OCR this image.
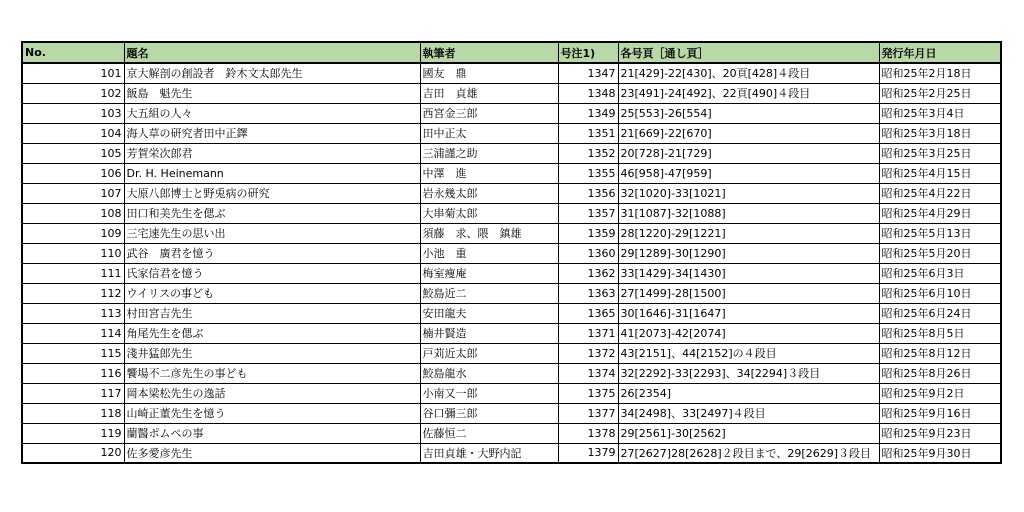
No.	題名	執筆者	号注1)	各号頁［通し頁］	発行年月日
101	京大解剖の創設者　鈴木文太郎先生	國友　鼎	1347	21[429]-22[430]、20頁[428]４段目	昭和25年2月18日
102	飯島　魁先生	吉田　貞雄	1348	23[491]-24[492]、22頁[490]４段目	昭和25年2月25日
103	大五組の人々	西宮金三郎	1349	25[553]-26[554]	昭和25年3月4日
104	海人草の研究者田中正鐸	田中正太	1351	21[669]-22[670]	昭和25年3月18日
105	芳賀栄次郎君	三浦謹之助	1352	20[728]-21[729]	昭和25年3月25日
106	Dr. H. Heinemann	中澤　進	1355	46[958]-47[959]	昭和25年4月15日
107	大原八郎博士と野兎病の研究	岩永幾太郎	1356	32[1020]-33[1021]	昭和25年4月22日
108	田口和美先生を偲ぶ	大串菊太郎	1357	31[1087]-32[1088]	昭和25年4月29日
109	三宅速先生の思い出	須藤　求、隈　鎮雄	1359	28[1220]-29[1221]	昭和25年5月13日
110	武谷　廣君を憶う	小池　重	1360	29[1289]-30[1290]	昭和25年5月20日
111	氏家信君を憶う	梅室痩庵	1362	33[1429]-34[1430]	昭和25年6月3日
112	ウイリスの事ども	鮫島近二	1363	27[1499]-28[1500]	昭和25年6月10日
113	村田宮吉先生	安田龍夫	1365	30[1646]-31[1647]	昭和25年6月24日
114	角尾先生を偲ぶ	楠井賢造	1371	41[2073]-42[2074]	昭和25年8月5日
115	淺井猛郎先生	戸苅近太郎	1372	43[2151]、44[2152]の４段目	昭和25年8月12日
116	饗場不二彦先生の事ども	鮫島龍水	1374	32[2292]-33[2293]、34[2294]３段目	昭和25年8月26日
117	岡本梁松先生の逸話	小南又一郎	1375	26[2354]	昭和25年9月2日
118	山崎正董先生を憶う	谷口彌三郎	1377	34[2498]、33[2497]４段目	昭和25年9月16日
119	蘭醫ポムペの事	佐藤恒二	1378	29[2561]-30[2562]	昭和25年9月23日
120	佐多愛彦先生	吉田貞雄・大野内記	1379	27[2627]28[2628]２段目まで、29[2629]３段目	昭和25年9月30日
